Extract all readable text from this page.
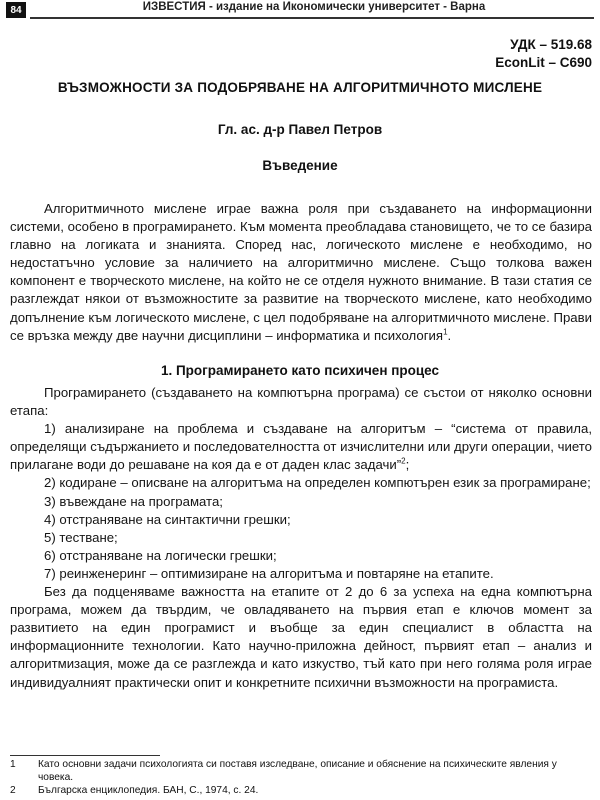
84	ИЗВЕСТИЯ - издание на Икономически университет - Варна
УДК – 519.68
EconLit – C690
ВЪЗМОЖНОСТИ ЗА ПОДОБРЯВАНЕ НА АЛГОРИТМИЧНОТО МИСЛЕНЕ
Гл. ас. д-р Павел Петров
Въведение

Алгоритмичното мислене играе важна роля при създаването на информационни системи, особено в програмирането. Към момента преобладава становището, че то се базира главно на логиката и знанията. Според нас, логическото мислене е необходимо, но недостатъчно условие за наличието на алгоритмично мислене. Също толкова важен компонент е творческото мислене, на който не се отделя нужното внимание. В тази статия се разглеждат някои от възможностите за развитие на творческото мислене, като необходимо допълнение към логическото мислене, с цел подобряване на алгоритмичното мислене. Прави се връзка между две научни дисциплини – информатика и психология$^1$.

1. Програмирането като психичен процес

Програмирането (създаването на компютърна програма) се състои от няколко основни етапа:

1) анализиране на проблема и създаване на алгоритъм – “система от правила, определящи съдържанието и последователността от изчислителни или други операции, чието прилагане води до решаване на коя да е от даден клас задачи”$^2$;

2) кодиране – описване на алгоритъма на определен компютърен език за програмиране;

3) въвеждане на програмата;

4) отстраняване на синтактични грешки;

5) тестване;

6) отстраняване на логически грешки;

7) реинженеринг – оптимизиране на алгоритъма и повтаряне на етапите.

Без да подценяваме важността на етапите от 2 до 6 за успеха на една компютърна програма, можем да твърдим, че овладяването на първия етап е ключов момент за развитието на един програмист и въобще за един специалист в областта на информационните технологии. Като научно-приложна дейност, първият етап – анализ и алгоритмизация, може да се разглежда и като изкуство, тъй като при него голяма роля играе индивидуалният практически опит и конкретните психични възможности на програмиста.

1	Като основни задачи психологията си поставя изследване, описание и обяснение на психическите явления у човека.
2	Българска енциклопедия. БАН, С., 1974, с. 24.
